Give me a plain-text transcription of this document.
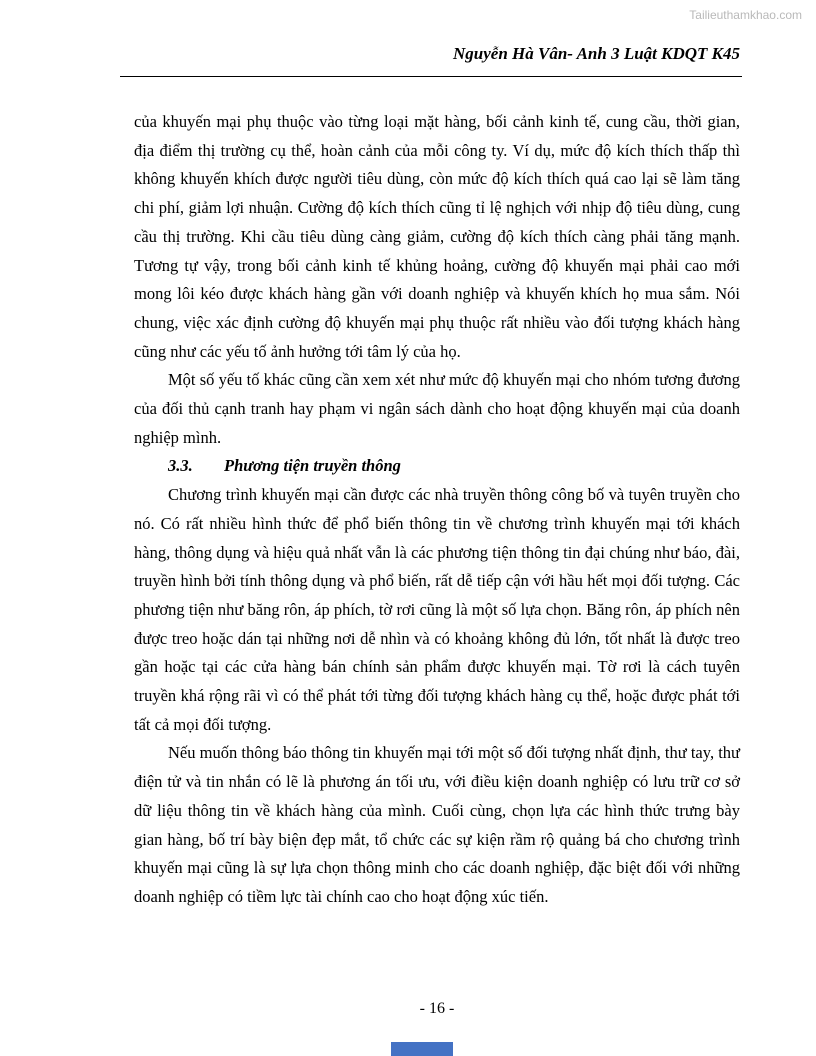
Tailieuthamkhao.com
Nguyễn Hà Vân- Anh 3 Luật KDQT K45

của khuyến mại phụ thuộc vào từng loại mặt hàng, bối cảnh kinh tế, cung cầu, thời gian, địa điểm thị trường cụ thể, hoàn cảnh của mỗi công ty. Ví dụ, mức độ kích thích thấp thì không khuyến khích được người tiêu dùng, còn mức độ kích thích quá cao lại sẽ làm tăng chi phí, giảm lợi nhuận. Cường độ kích thích cũng tỉ lệ nghịch với nhịp độ tiêu dùng, cung cầu thị trường. Khi cầu tiêu dùng càng giảm, cường độ kích thích càng phải tăng mạnh. Tương tự vậy, trong bối cảnh kinh tế khủng hoảng, cường độ khuyến mại phải cao mới mong lôi kéo được khách hàng gần với doanh nghiệp và khuyến khích họ mua sắm. Nói chung, việc xác định cường độ khuyến mại phụ thuộc rất nhiều vào đối tượng khách hàng cũng như các yếu tố ảnh hưởng tới tâm lý của họ.

Một số yếu tố khác cũng cần xem xét như mức độ khuyến mại cho nhóm tương đương của đối thủ cạnh tranh hay phạm vi ngân sách dành cho hoạt động khuyến mại của doanh nghiệp mình.

3.3. Phương tiện truyền thông

Chương trình khuyến mại cần được các nhà truyền thông công bố và tuyên truyền cho nó. Có rất nhiều hình thức để phổ biến thông tin về chương trình khuyến mại tới khách hàng, thông dụng và hiệu quả nhất vẫn là các phương tiện thông tin đại chúng như báo, đài, truyền hình bởi tính thông dụng và phổ biến, rất dễ tiếp cận với hầu hết mọi đối tượng. Các phương tiện như băng rôn, áp phích, tờ rơi cũng là một số lựa chọn. Băng rôn, áp phích nên được treo hoặc dán tại những nơi dễ nhìn và có khoảng không đủ lớn, tốt nhất là được treo gần hoặc tại các cửa hàng bán chính sản phẩm được khuyến mại. Tờ rơi là cách tuyên truyền khá rộng rãi vì có thể phát tới từng đối tượng khách hàng cụ thể, hoặc được phát tới tất cả mọi đối tượng.

Nếu muốn thông báo thông tin khuyến mại tới một số đối tượng nhất định, thư tay, thư điện tử và tin nhắn có lẽ là phương án tối ưu, với điều kiện doanh nghiệp có lưu trữ cơ sở dữ liệu thông tin về khách hàng của mình. Cuối cùng, chọn lựa các hình thức trưng bày gian hàng, bố trí bày biện đẹp mắt, tổ chức các sự kiện rầm rộ quảng bá cho chương trình khuyến mại cũng là sự lựa chọn thông minh cho các doanh nghiệp, đặc biệt đối với những doanh nghiệp có tiềm lực tài chính cao cho hoạt động xúc tiến.

- 16 -
